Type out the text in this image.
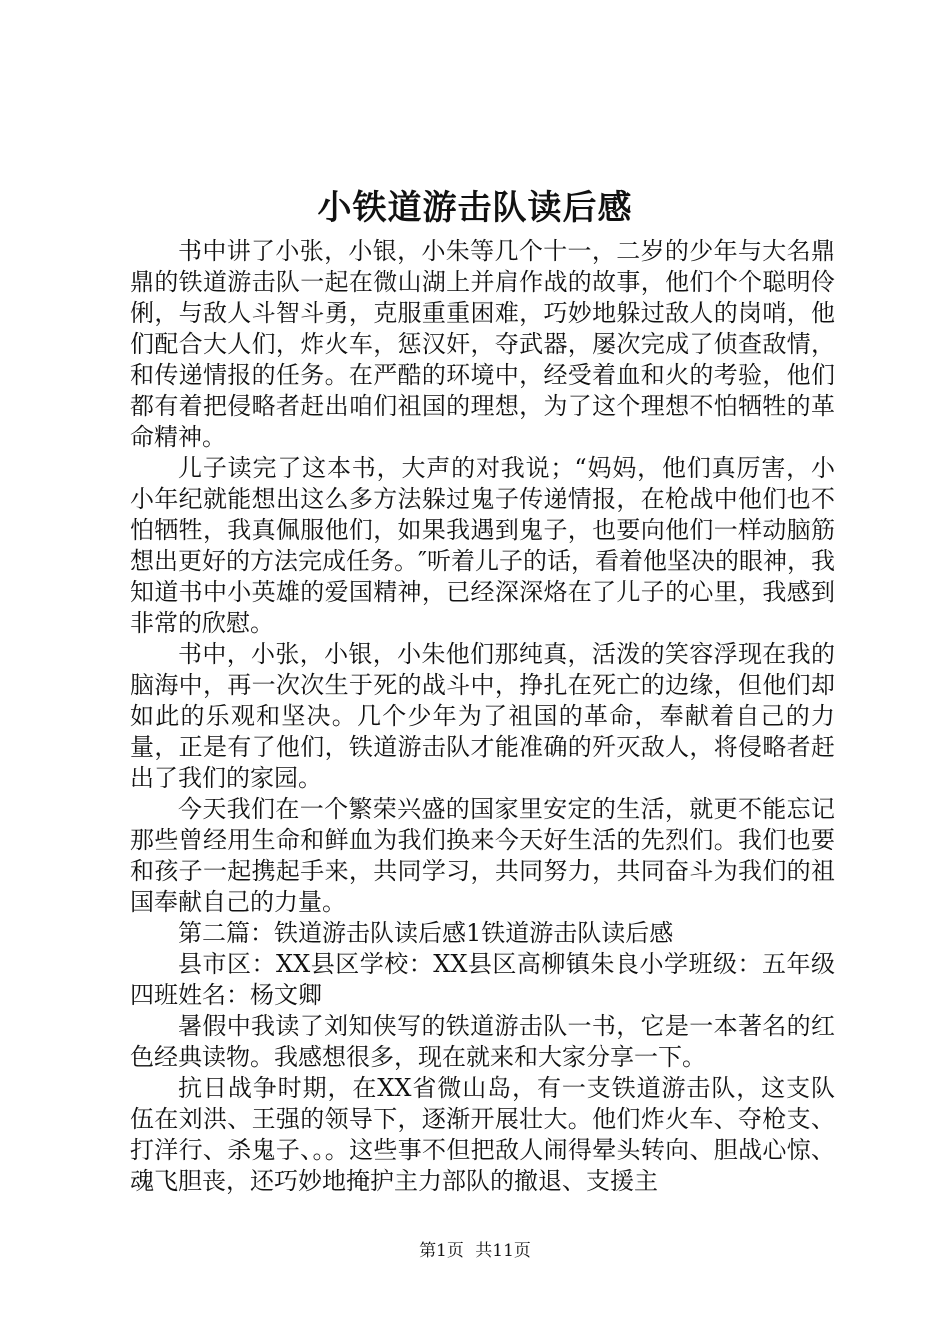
小铁道游击队读后感

书中讲了小张，小银，小朱等几个十一，二岁的少年与大名鼎鼎的铁道游击队一起在微山湖上并肩作战的故事，他们个个聪明伶俐，与敌人斗智斗勇，克服重重困难，巧妙地躲过敌人的岗哨，他们配合大人们，炸火车，惩汉奸，夺武器，屡次完成了侦查敌情，和传递情报的任务。在严酷的环境中，经受着血和火的考验，他们都有着把侵略者赶出咱们祖国的理想，为了这个理想不怕牺牲的革命精神。

儿子读完了这本书，大声的对我说；“妈妈，他们真厉害，小小年纪就能想出这么多方法躲过鬼子传递情报，在枪战中他们也不怕牺牲，我真佩服他们，如果我遇到鬼子，也要向他们一样动脑筋想出更好的方法完成任务。″听着儿子的话，看着他坚决的眼神，我知道书中小英雄的爱国精神，已经深深烙在了儿子的心里，我感到非常的欣慰。

书中，小张，小银，小朱他们那纯真，活泼的笑容浮现在我的脑海中，再一次次生于死的战斗中，挣扎在死亡的边缘，但他们却如此的乐观和坚决。几个少年为了祖国的革命，奉献着自己的力量，正是有了他们，铁道游击队才能准确的歼灭敌人，将侵略者赶出了我们的家园。

今天我们在一个繁荣兴盛的国家里安定的生活，就更不能忘记那些曾经用生命和鲜血为我们换来今天好生活的先烈们。我们也要和孩子一起携起手来，共同学习，共同努力，共同奋斗为我们的祖国奉献自己的力量。

第二篇：铁道游击队读后感1铁道游击队读后感

县市区：XX县区学校：XX县区高柳镇朱良小学班级：五年级四班姓名：杨文卿

暑假中我读了刘知侠写的铁道游击队一书，它是一本著名的红色经典读物。我感想很多，现在就来和大家分享一下。

抗日战争时期，在XX省微山岛，有一支铁道游击队，这支队伍在刘洪、王强的领导下，逐渐开展壮大。他们炸火车、夺枪支、打洋行、杀鬼子、。。这些事不但把敌人闹得晕头转向、胆战心惊、魂飞胆丧，还巧妙地掩护主力部队的撤退、支援主

第1页 共11页
